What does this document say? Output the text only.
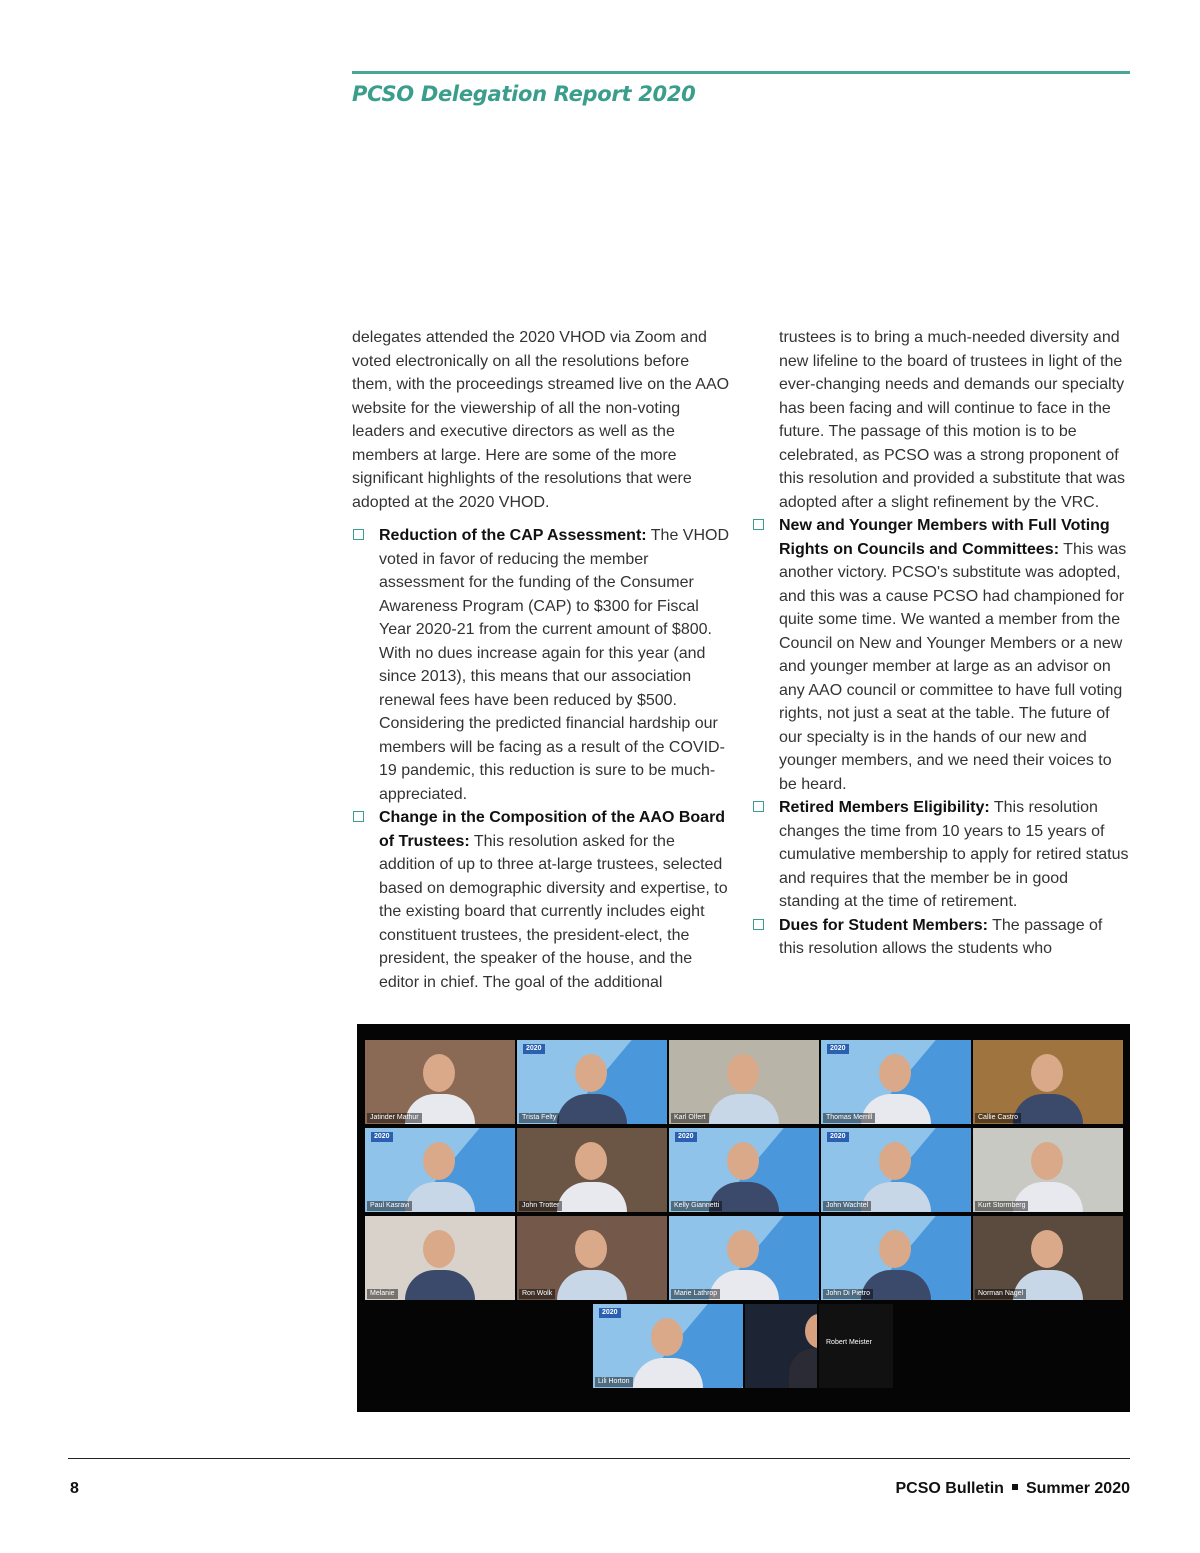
PCSO Delegation Report 2020

delegates attended the 2020 VHOD via Zoom and voted electronically on all the resolutions before them, with the proceedings streamed live on the AAO website for the viewership of all the non-voting leaders and executive directors as well as the members at large. Here are some of the more significant highlights of the resolutions that were adopted at the 2020 VHOD.

Reduction of the CAP Assessment: The VHOD voted in favor of reducing the member assessment for the funding of the Consumer Awareness Program (CAP) to $300 for Fiscal Year 2020-21 from the current amount of $800. With no dues increase again for this year (and since 2013), this means that our association renewal fees have been reduced by $500. Considering the predicted financial hardship our members will be facing as a result of the COVID-19 pandemic, this reduction is sure to be much-appreciated.
Change in the Composition of the AAO Board of Trustees: This resolution asked for the addition of up to three at-large trustees, selected based on demographic diversity and expertise, to the existing board that currently includes eight constituent trustees, the president-elect, the president, the speaker of the house, and the editor in chief. The goal of the additional

trustees is to bring a much-needed diversity and new lifeline to the board of trustees in light of the ever-changing needs and demands our specialty has been facing and will continue to face in the future. The passage of this motion is to be celebrated, as PCSO was a strong proponent of this resolution and provided a substitute that was adopted after a slight refinement by the VRC.

New and Younger Members with Full Voting Rights on Councils and Committees: This was another victory. PCSO's substitute was adopted, and this was a cause PCSO had championed for quite some time. We wanted a member from the Council on New and Younger Members or a new and younger member at large as an advisor on any AAO council or committee to have full voting rights, not just a seat at the table. The future of our specialty is in the hands of our new and younger members, and we need their voices to be heard.
Retired Members Eligibility: This resolution changes the time from 10 years to 15 years of cumulative membership to apply for retired status and requires that the member be in good standing at the time of retirement.
Dues for Student Members: The passage of this resolution allows the students who
Jatinder Mathur
2020
Trista Felty	Karl Olfert
2020
Thomas Merrill	Callie Castro
2020
Paul Kasravi	John Trotter
2020
Kelly Giannetti
2020
John Wachtel	Kurt Stormberg
Melanie	Ron Wolk	Marie Lathrop	John Di Pietro	Norman Nagel
2020
Lili Horton
Robert Meister
8	PCSO Bulletin Summer 2020
